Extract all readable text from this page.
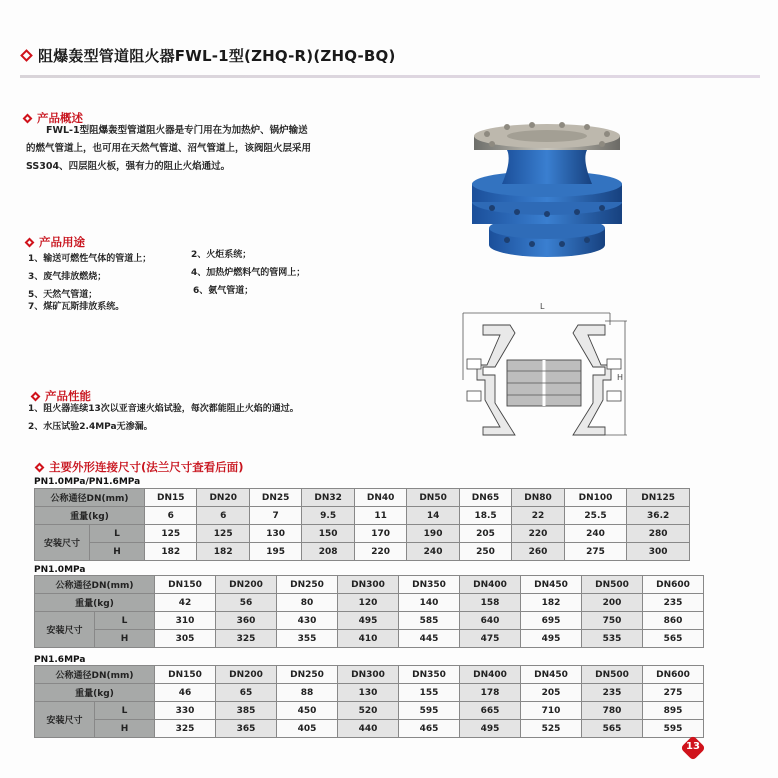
阻爆轰型管道阻火器FWL-1型(ZHQ-R)(ZHQ-BQ)
产品概述
FWL-1型阻爆轰型管道阻火器是专门用在为加热炉、锅炉输送
的燃气管道上，也可用在天然气管道、沼气管道上，该阀阻火层采用
SS304、四层阻火板，强有力的阻止火焰通过。
产品用途
1、输送可燃性气体的管道上；	2、火炬系统；
3、废气排放燃烧；	4、加热炉燃料气的管网上；
5、天然气管道；	6、氨气管道；
7、煤矿瓦斯排放系统。	L
H
产品性能
1、阻火器连续13次以亚音速火焰试验，每次都能阻止火焰的通过。
2、水压试验2.4MPa无渗漏。
主要外形连接尺寸(法兰尺寸查看后面)
PN1.0MPa/PN1.6MPa
公称通径DN(mm)		DN15	DN20	DN25	DN32	DN40	DN50	DN65	DN80	DN100	DN125
重量(kg)		6	6	7	9.5	11	14	18.5	22	25.5	36.2
安装尺寸	L	125	125	130	150	170	190	205	220	240	280
	H	182	182	195	208	220	240	250	260	275	300
PN1.0MPa
公称通径DN(mm)		DN150	DN200	DN250	DN300	DN350	DN400	DN450	DN500	DN600
重量(kg)		42	56	80	120	140	158	182	200	235
安装尺寸	L	310	360	430	495	585	640	695	750	860
	H	305	325	355	410	445	475	495	535	565
PN1.6MPa
公称通径DN(mm)		DN150	DN200	DN250	DN300	DN350	DN400	DN450	DN500	DN600
重量(kg)		46	65	88	130	155	178	205	235	275
安装尺寸	L	330	385	450	520	595	665	710	780	895
	H	325	365	405	440	465	495	525	565	595
13
